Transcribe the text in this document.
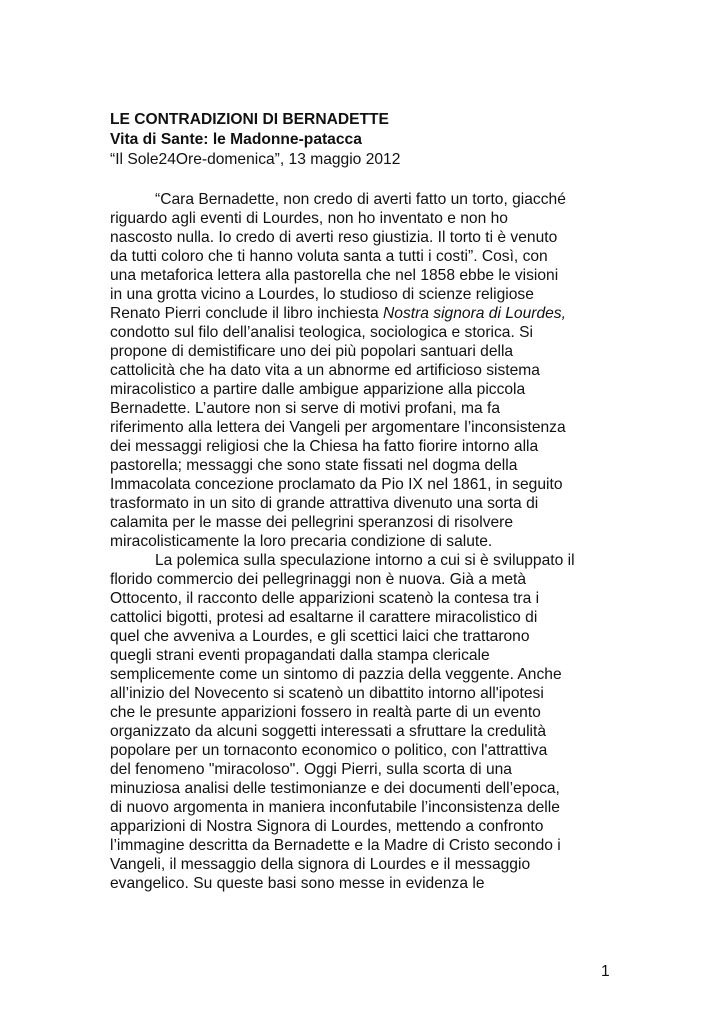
LE CONTRADIZIONI DI BERNADETTE
Vita di Sante: le Madonne-patacca
“Il Sole24Ore-domenica”, 13 maggio 2012
“Cara Bernadette, non credo di averti fatto un torto, giacché
riguardo agli eventi di Lourdes, non ho inventato e non ho
nascosto nulla. Io credo di averti reso giustizia. Il torto ti è venuto
da tutti coloro che ti hanno voluta santa a tutti i costi”. Così, con
una metaforica lettera alla pastorella che nel 1858 ebbe le visioni
in una grotta vicino a Lourdes, lo studioso di scienze religiose
Renato Pierri conclude il libro inchiesta Nostra signora di Lourdes,
condotto sul filo dell’analisi teologica, sociologica e storica. Si
propone di demistificare uno dei più popolari santuari della
cattolicità che ha dato vita a un abnorme ed artificioso sistema
miracolistico a partire dalle ambigue apparizione alla piccola
Bernadette. L’autore non si serve di motivi profani, ma fa
riferimento alla lettera dei Vangeli per argomentare l’inconsistenza
dei messaggi religiosi che la Chiesa ha fatto fiorire intorno alla
pastorella; messaggi che sono state fissati nel dogma della
Immacolata concezione proclamato da Pio IX nel 1861, in seguito
trasformato in un sito di grande attrattiva divenuto una sorta di
calamita per le masse dei pellegrini speranzosi di risolvere
miracolisticamente la loro precaria condizione di salute.
La polemica sulla speculazione intorno a cui si è sviluppato il
florido commercio dei pellegrinaggi non è nuova. Già a metà
Ottocento, il racconto delle apparizioni scatenò la contesa tra i
cattolici bigotti, protesi ad esaltarne il carattere miracolistico di
quel che avveniva a Lourdes, e gli scettici laici che trattarono
quegli strani eventi propagandati dalla stampa clericale
semplicemente come un sintomo di pazzia della veggente. Anche
all’inizio del Novecento si scatenò un dibattito intorno all'ipotesi
che le presunte apparizioni fossero in realtà parte di un evento
organizzato da alcuni soggetti interessati a sfruttare la credulità
popolare per un tornaconto economico o politico, con l'attrattiva
del fenomeno "miracoloso". Oggi Pierri, sulla scorta di una
minuziosa analisi delle testimonianze e dei documenti dell’epoca,
di nuovo argomenta in maniera inconfutabile l’inconsistenza delle
apparizioni di Nostra Signora di Lourdes, mettendo a confronto
l’immagine descritta da Bernadette e la Madre di Cristo secondo i
Vangeli, il messaggio della signora di Lourdes e il messaggio
evangelico. Su queste basi sono messe in evidenza le
1
